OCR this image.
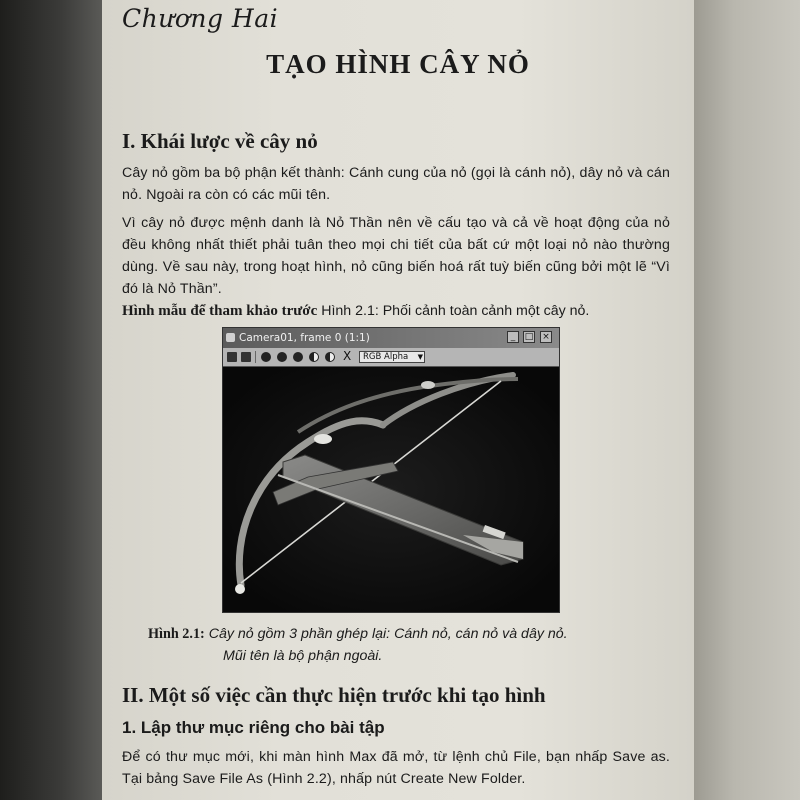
Chương Hai
TẠO HÌNH CÂY NỎ
I. Khái lược về cây nỏ
Cây nỏ gồm ba bộ phận kết thành: Cánh cung của nỏ (gọi là cánh nỏ), dây nỏ và cán nỏ. Ngoài ra còn có các mũi tên.
Vì cây nỏ được mệnh danh là Nỏ Thần nên về cấu tạo và cả về hoạt động của nỏ đều không nhất thiết phải tuân theo mọi chi tiết của bất cứ một loại nỏ nào thường dùng. Về sau này, trong hoạt hình, nỏ cũng biến hoá rất tuỳ biến cũng bởi một lẽ “Vì đó là Nỏ Thần”.
Hình mẫu để tham khảo trước Hình 2.1: Phối cảnh toàn cảnh một cây nỏ.
Camera01, frame 0 (1:1)	_	□ ×
X	RGB Alpha ▼
Hình 2.1: Cây nỏ gồm 3 phần ghép lại: Cánh nỏ, cán nỏ và dây nỏ.
Mũi tên là bộ phận ngoài.
II. Một số việc cần thực hiện trước khi tạo hình
1. Lập thư mục riêng cho bài tập
Để có thư mục mới, khi màn hình Max đã mở, từ lệnh chủ File, bạn nhấp Save as. Tại bảng Save File As (Hình 2.2), nhấp nút Create New Folder.
